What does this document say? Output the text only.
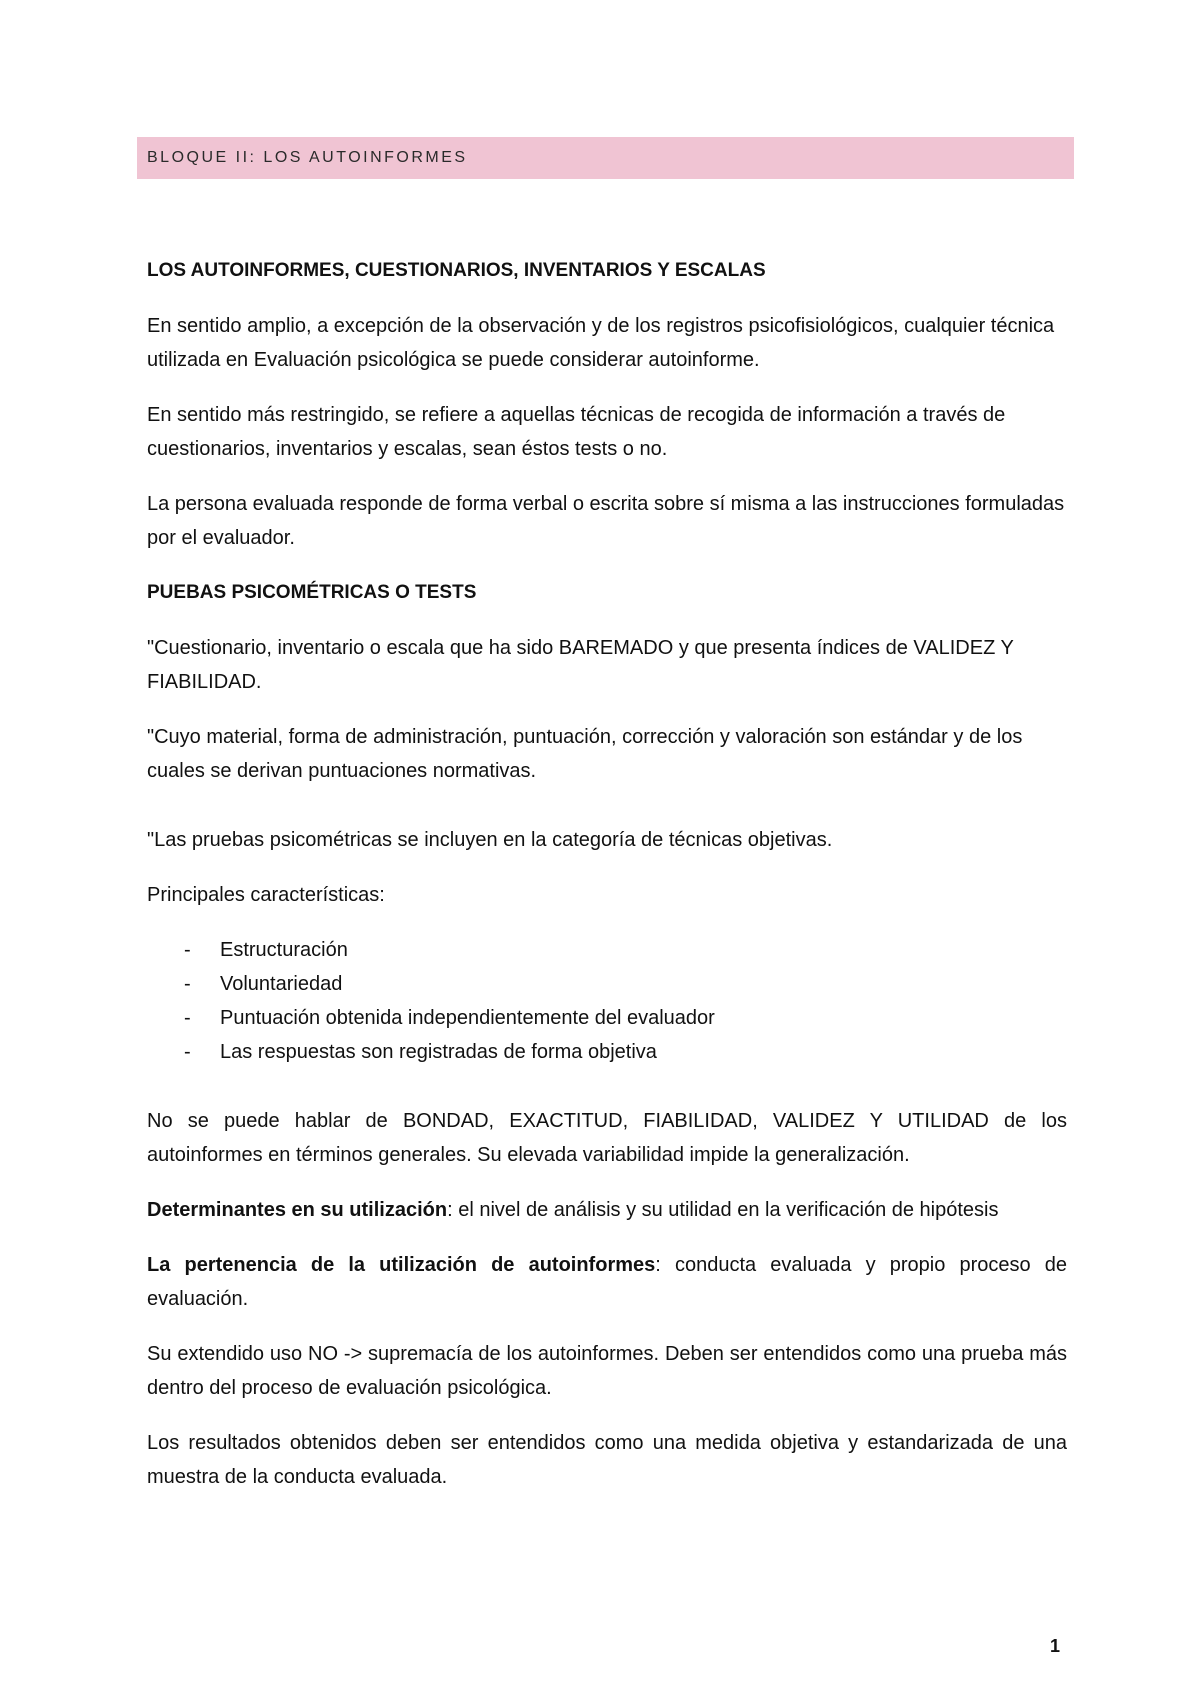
BLOQUE II: LOS AUTOINFORMES

LOS AUTOINFORMES, CUESTIONARIOS, INVENTARIOS Y ESCALAS

En sentido amplio, a excepción de la observación y de los registros psicofisiológicos, cualquier técnica utilizada en Evaluación psicológica se puede considerar autoinforme.

En sentido más restringido, se refiere a aquellas técnicas de recogida de información a través de cuestionarios, inventarios y escalas, sean éstos tests o no.

La persona evaluada responde de forma verbal o escrita sobre sí misma a las instrucciones formuladas por el evaluador.

PUEBAS PSICOMÉTRICAS O TESTS

"Cuestionario, inventario o escala que ha sido BAREMADO y que presenta índices de VALIDEZ Y FIABILIDAD.

"Cuyo material, forma de administración, puntuación, corrección y valoración son estándar y de los cuales se derivan puntuaciones normativas.

"Las pruebas psicométricas se incluyen en la categoría de técnicas objetivas.

Principales características:

- Estructuración
- Voluntariedad
- Puntuación obtenida independientemente del evaluador
- Las respuestas son registradas de forma objetiva

No se puede hablar de BONDAD, EXACTITUD, FIABILIDAD, VALIDEZ Y UTILIDAD de los autoinformes en términos generales. Su elevada variabilidad impide la generalización.

Determinantes en su utilización: el nivel de análisis y su utilidad en la verificación de hipótesis

La pertenencia de la utilización de autoinformes: conducta evaluada y propio proceso de evaluación.

Su extendido uso NO -> supremacía de los autoinformes. Deben ser entendidos como una prueba más dentro del proceso de evaluación psicológica.

Los resultados obtenidos deben ser entendidos como una medida objetiva y estandarizada de una muestra de la conducta evaluada.

1
